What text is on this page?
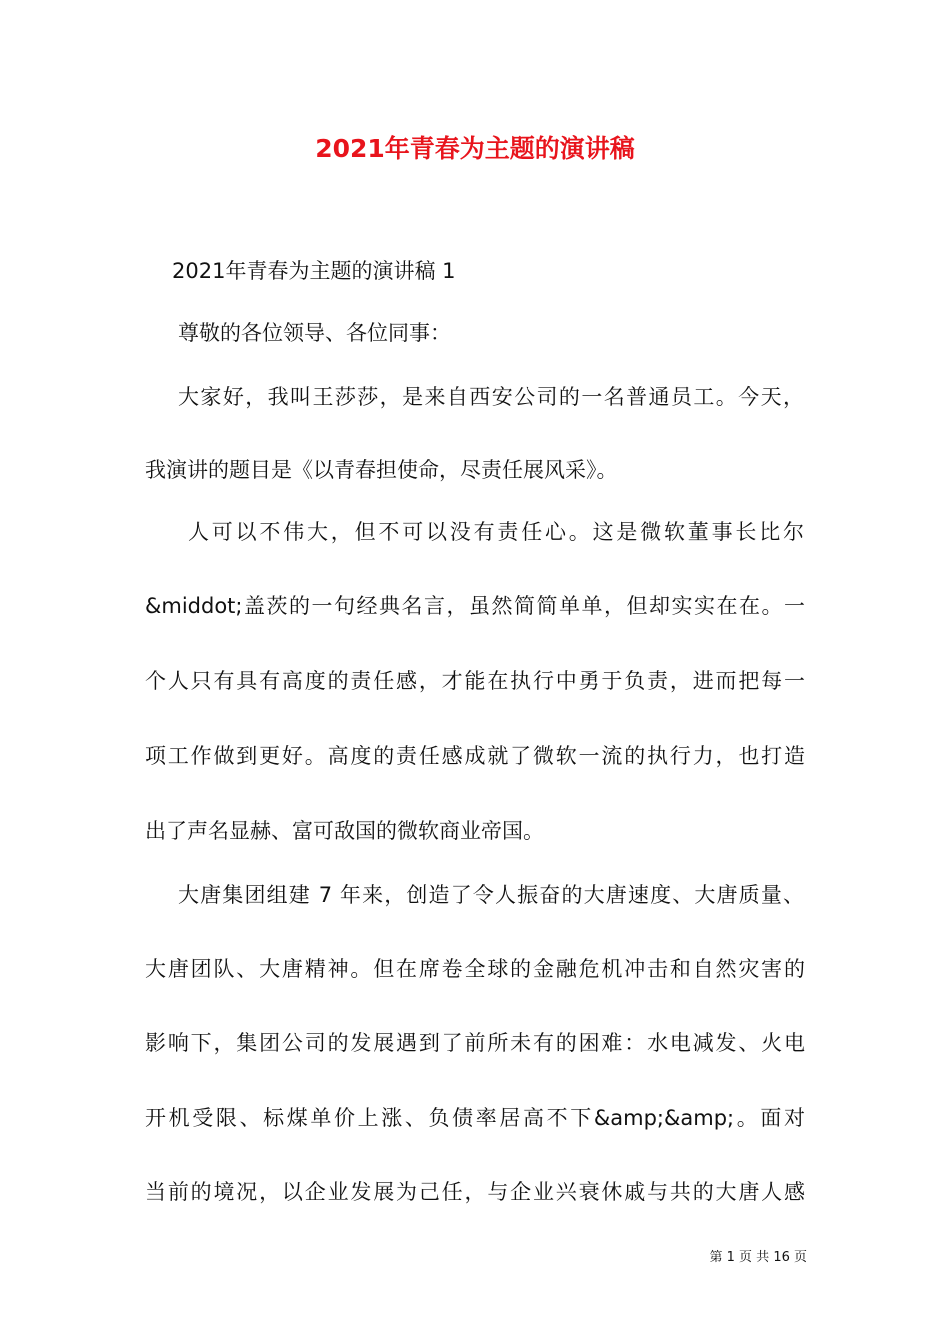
2021年青春为主题的演讲稿
2021年青春为主题的演讲稿 1
尊敬的各位领导、各位同事：
大家好，我叫王莎莎，是来自西安公司的一名普通员工。今天，
我演讲的题目是《以青春担使命，尽责任展风采》。
人可以不伟大，但不可以没有责任心。这是微软董事长比尔
&middot;盖茨的一句经典名言，虽然简简单单，但却实实在在。一
个人只有具有高度的责任感，才能在执行中勇于负责，进而把每一
项工作做到更好。高度的责任感成就了微软一流的执行力，也打造
出了声名显赫、富可敌国的微软商业帝国。
大唐集团组建 7 年来，创造了令人振奋的大唐速度、大唐质量、
大唐团队、大唐精神。但在席卷全球的金融危机冲击和自然灾害的
影响下，集团公司的发展遇到了前所未有的困难：水电减发、火电
开机受限、标煤单价上涨、负债率居高不下&amp;&amp;。面对
当前的境况，以企业发展为己任，与企业兴衰休戚与共的大唐人感
第 1 页 共 16 页
